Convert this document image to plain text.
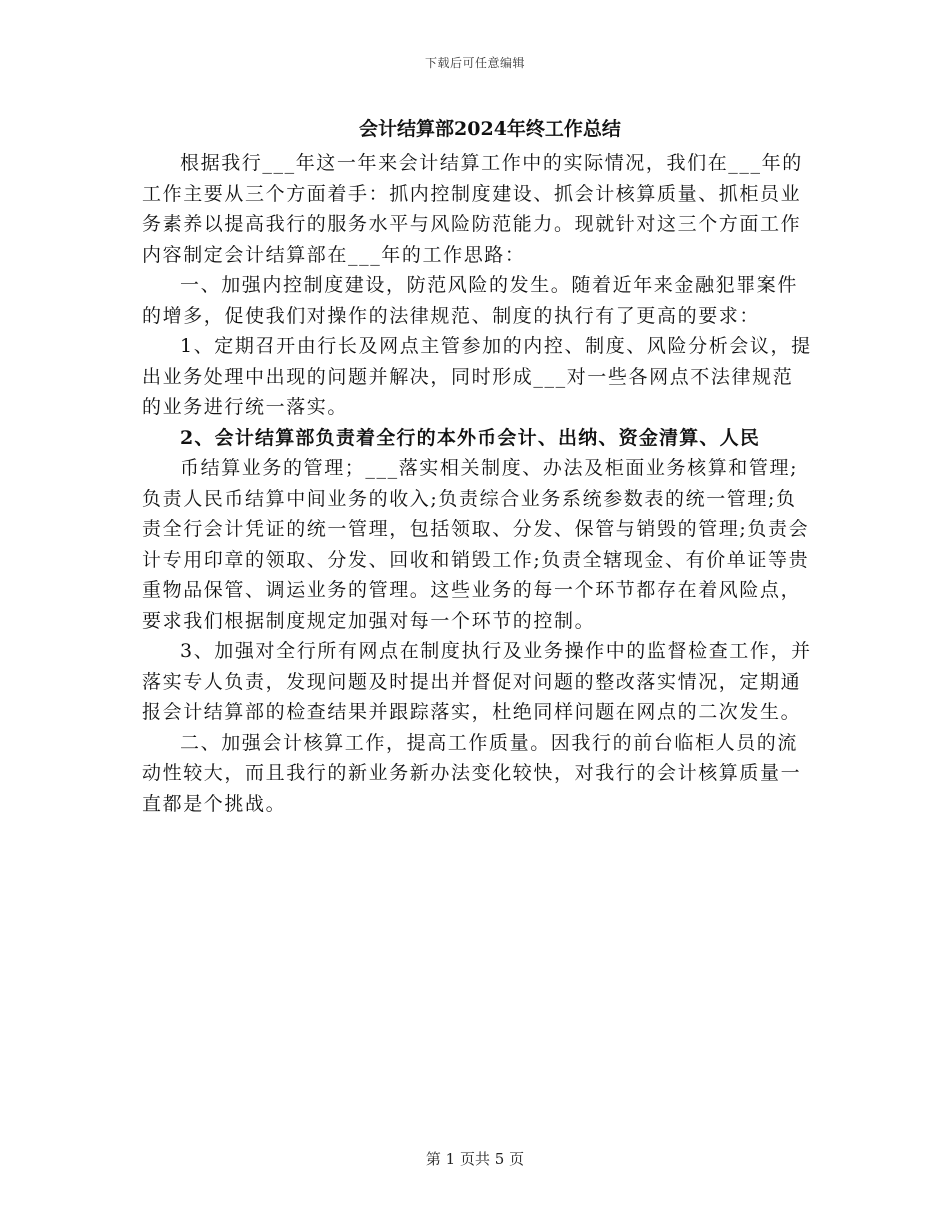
下载后可任意编辑
会计结算部2024年终工作总结

根据我行___年这一年来会计结算工作中的实际情况，我们在___年的工作主要从三个方面着手：抓内控制度建设、抓会计核算质量、抓柜员业务素养以提高我行的服务水平与风险防范能力。现就针对这三个方面工作内容制定会计结算部在___年的工作思路：

一、加强内控制度建设，防范风险的发生。随着近年来金融犯罪案件的增多，促使我们对操作的法律规范、制度的执行有了更高的要求：

1、定期召开由行长及网点主管参加的内控、制度、风险分析会议，提出业务处理中出现的问题并解决，同时形成___对一些各网点不法律规范的业务进行统一落实。

2、会计结算部负责着全行的本外币会计、出纳、资金清算、人民

币结算业务的管理；___落实相关制度、办法及柜面业务核算和管理;负责人民币结算中间业务的收入;负责综合业务系统参数表的统一管理;负责全行会计凭证的统一管理，包括领取、分发、保管与销毁的管理;负责会计专用印章的领取、分发、回收和销毁工作;负责全辖现金、有价单证等贵重物品保管、调运业务的管理。这些业务的每一个环节都存在着风险点，要求我们根据制度规定加强对每一个环节的控制。

3、加强对全行所有网点在制度执行及业务操作中的监督检查工作，并落实专人负责，发现问题及时提出并督促对问题的整改落实情况，定期通报会计结算部的检查结果并跟踪落实，杜绝同样问题在网点的二次发生。

二、加强会计核算工作，提高工作质量。因我行的前台临柜人员的流动性较大，而且我行的新业务新办法变化较快，对我行的会计核算质量一直都是个挑战。

第 1 页共 5 页
